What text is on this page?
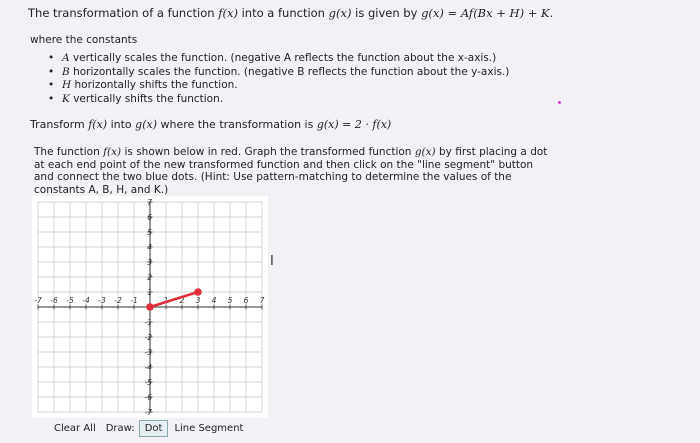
The transformation of a function f(x) into a function g(x) is given by g(x) = Af(Bx + H) + K.
where the constants
• A vertically scales the function. (negative A reflects the function about the x-axis.)
• B horizontally scales the function. (negative B reflects the function about the y-axis.)
• H horizontally shifts the function.
• K vertically shifts the function.
Transform f(x) into g(x) where the transformation is g(x) = 2 · f(x)
The function f(x) is shown below in red. Graph the transformed function g(x) by first placing a dot at each end point of the new transformed function and then click on the "line segment" button and connect the two blue dots. (Hint: Use pattern-matching to determine the values of the constants A, B, H, and K.)
-7 -6 -5 -4 -3 -2 -1	1 2 3 4 5 6 7
7
6
5
4
3
2
1
-1
-2
-3
-4
-5
-6
-7
Clear All	Draw:	Dot	Line Segment
I
